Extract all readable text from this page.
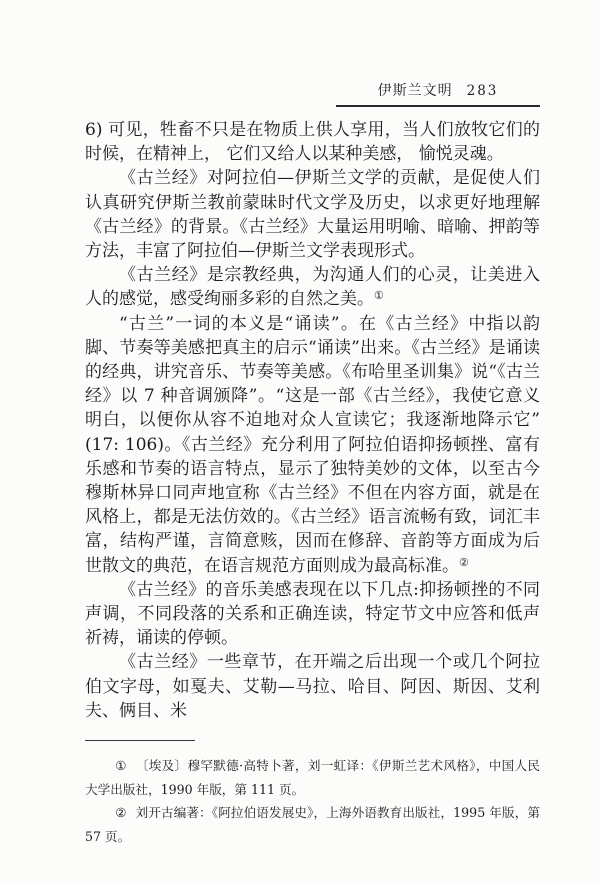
伊斯兰文明 283

6) 可见，牲畜不只是在物质上供人享用，当人们放牧它们的时候，在精神上， 它们又给人以某种美感， 愉悦灵魂。

《古兰经》对阿拉伯—伊斯兰文学的贡献，是促使人们认真研究伊斯兰教前蒙昧时代文学及历史，以求更好地理解《古兰经》的背景。《古兰经》大量运用明喻、暗喻、押韵等方法，丰富了阿拉伯—伊斯兰文学表现形式。

《古兰经》是宗教经典，为沟通人们的心灵，让美进入人的感觉，感受绚丽多彩的自然之美。①

“古兰”一词的本义是“诵读”。在《古兰经》中指以韵脚、节奏等美感把真主的启示“诵读”出来。《古兰经》是诵读的经典，讲究音乐、节奏等美感。《布哈里圣训集》说“《古兰经》以 7 种音调颁降”。“这是一部《古兰经》，我使它意义明白，以便你从容不迫地对众人宣读它；我逐渐地降示它”(17: 106)。《古兰经》充分利用了阿拉伯语抑扬顿挫、富有乐感和节奏的语言特点，显示了独特美妙的文体，以至古今穆斯林异口同声地宣称《古兰经》不但在内容方面，就是在风格上，都是无法仿效的。《古兰经》语言流畅有致，词汇丰富，结构严谨，言简意赅，因而在修辞、音韵等方面成为后世散文的典范，在语言规范方面则成为最高标准。②

《古兰经》的音乐美感表现在以下几点:抑扬顿挫的不同声调，不同段落的关系和正确连读，特定节文中应答和低声祈祷，诵读的停顿。

《古兰经》一些章节，在开端之后出现一个或几个阿拉伯文字母，如戛夫、艾勒—马拉、哈目、阿因、斯因、艾利夫、俩目、米

① 〔埃及〕穆罕默德·高特卜著，刘一虹译：《伊斯兰艺术风格》，中国人民大学出版社，1990 年版，第 111 页。

② 刘开古编著：《阿拉伯语发展史》，上海外语教育出版社，1995 年版，第 57 页。
